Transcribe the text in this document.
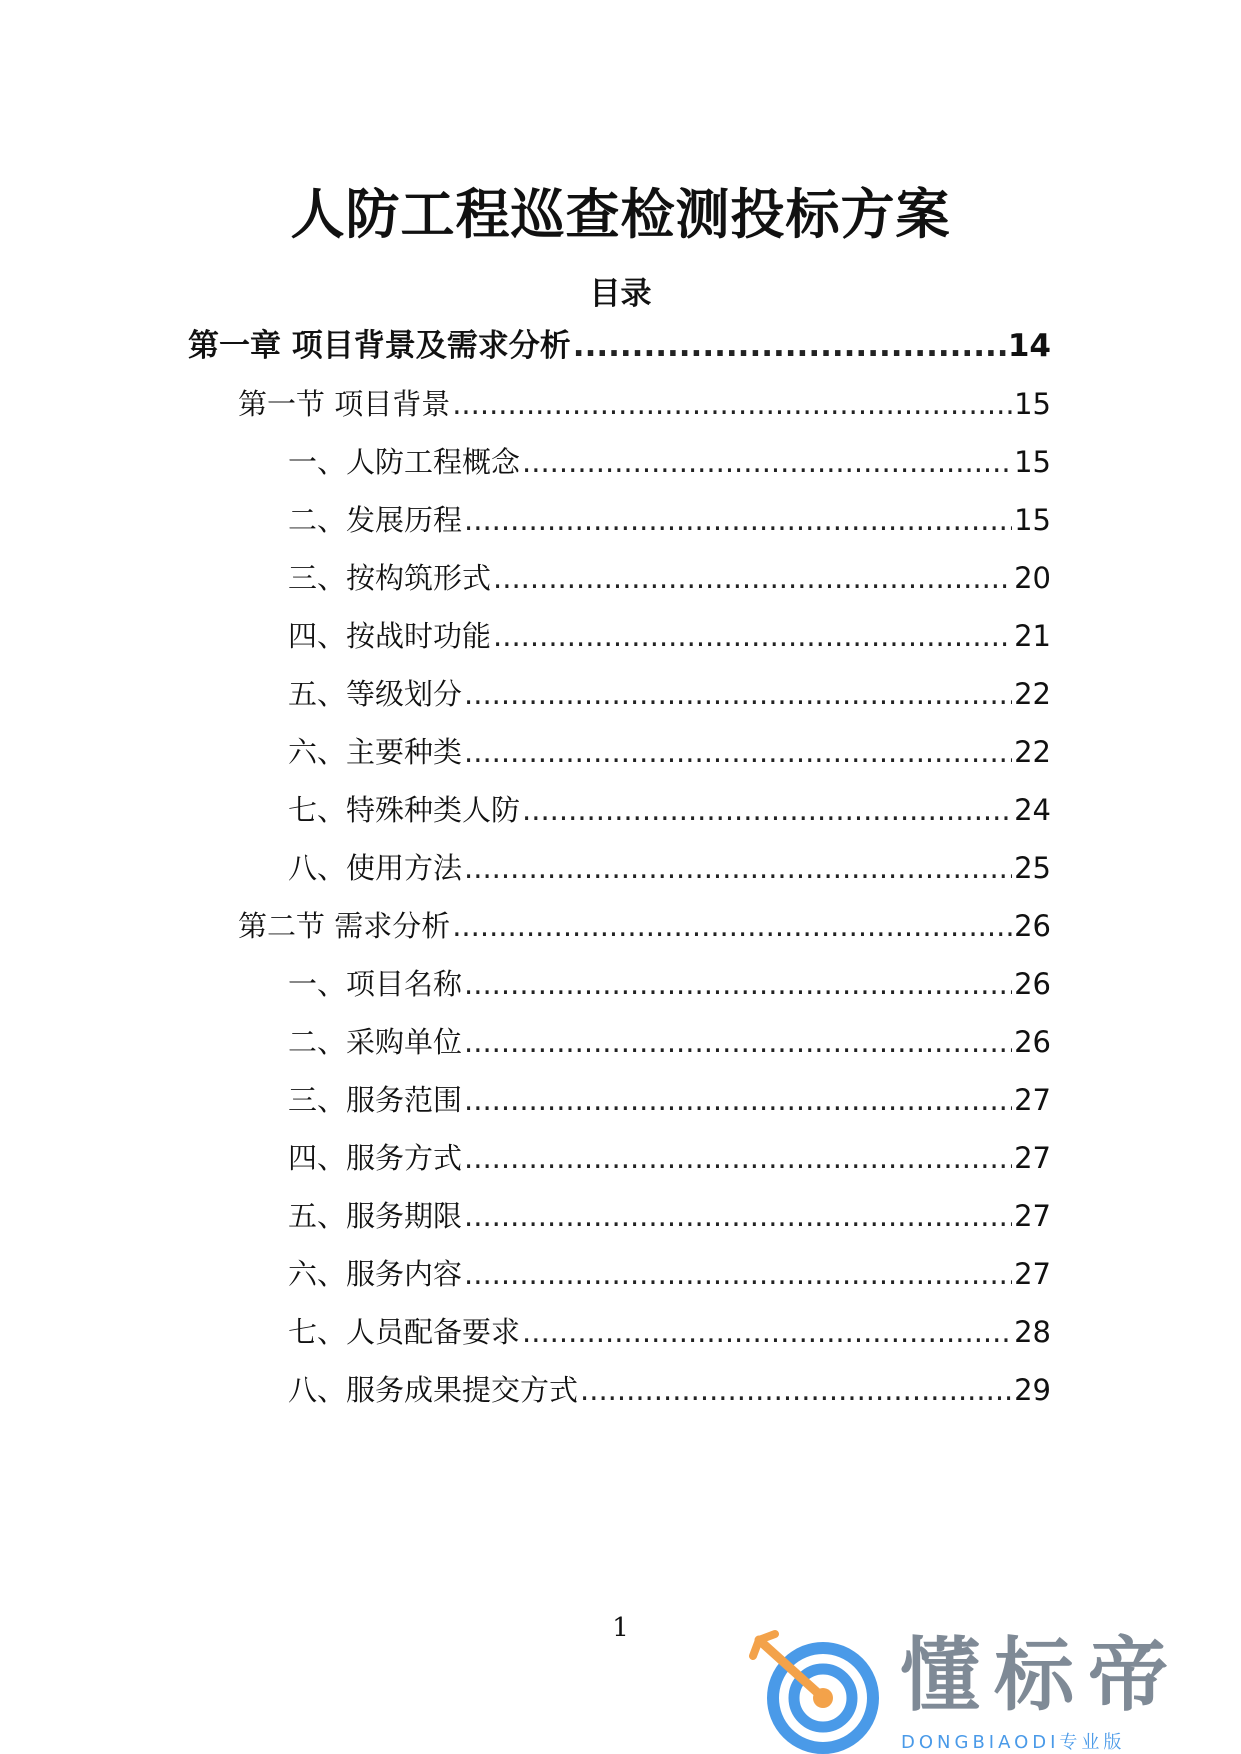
人防工程巡查检测投标方案
目录
第一章 项目背景及需求分析 .....	14
第一节 项目背景 .....	15
一、人防工程概念 .....	15
二、发展历程 .....	15
三、按构筑形式 .....	20
四、按战时功能 .....	21
五、等级划分 .....	22
六、主要种类 .....	22
七、特殊种类人防 .....	24
八、使用方法 .....	25
第二节 需求分析 .....	26
一、项目名称 .....	26
二、采购单位 .....	26
三、服务范围 .....	27
四、服务方式 .....	27
五、服务期限 .....	27
六、服务内容 .....	27
七、人员配备要求 .....	28
八、服务成果提交方式 .....	29
1
懂标帝
DONGBIAODI专业版
